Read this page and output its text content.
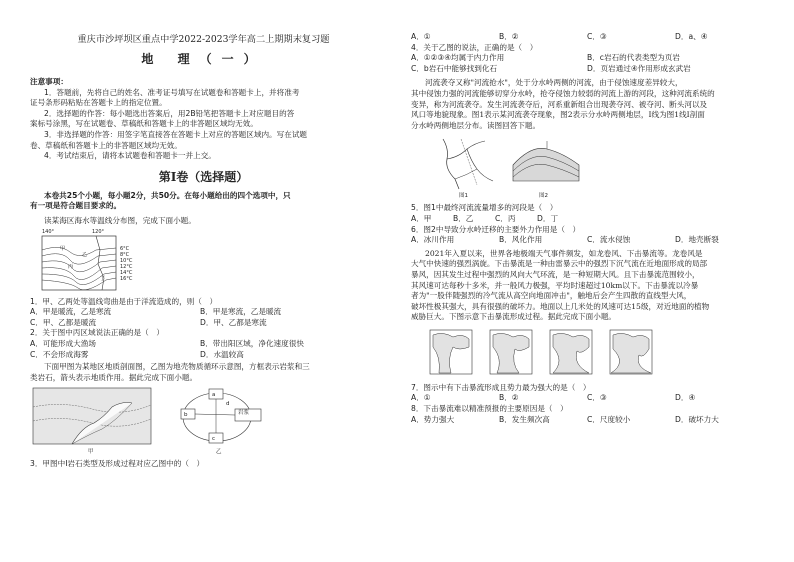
重庆市沙坪坝区重点中学2022-2023学年高二上期期末复习题

地 理（一）

注意事项：

1．答题前，先将自己的姓名、准考证号填写在试题卷和答题卡上，并将准考

证号条形码粘贴在答题卡上的指定位置。

2．选择题的作答：每小题选出答案后，用2B铅笔把答题卡上对应题目的答

案标号涂黑，写在试题卷、草稿纸和答题卡上的非答题区域均无效。

3．非选择题的作答：用签字笔直接答在答题卡上对应的答题区域内。写在试题

卷、草稿纸和答题卡上的非答题区域均无效。

4．考试结束后，请将本试题卷和答题卡一并上交。

第Ⅰ卷（选择题）

本卷共25个小题，每小题2分，共50分。在每小题给出的四个选项中，只

有一项是符合题目要求的。

读某海区海水等温线分布图，完成下面小题。

140°	120°
6°C
8°C
10°C
12°C
14°C
16°C
甲
乙
丙
丁

1．甲、乙两处等温线弯曲是由于洋流造成的，则（　）

A．甲是暖流，乙是寒流	B．甲是寒流，乙是暖流
C．甲、乙都是暖流	D．甲、乙都是寒流

2．关于图中丙区域说法正确的是（　）

A．可能形成大渔场	B．带出阳区域，净化速度很快
C．不会形成海雾	D．水温较高

下面甲图为某地区地质剖面图，乙图为地壳物质循环示意图，方框表示岩浆和三

类岩石，箭头表示地质作用。据此完成下面小题。

岩浆
a
b
c
d
甲	乙

3．甲图中Ⅰ岩石类型及形成过程对应乙图中的（　）

A．①	B．②	C．③	D．a、④

4．关于乙图的说法，正确的是（　）

A．①②③④均属于内力作用	B．c岩石的代表类型为页岩
C．b岩石中能够找到化石	D．页岩通过④作用形成玄武岩

河流袭夺又称"河流抢水"，处于分水岭两侧的河流，由于侵蚀速度差异较大，

其中侵蚀力强的河流能够切穿分水岭，抢夺侵蚀力较弱的河流上游的河段，这种河流系统的

变异，称为河流袭夺。发生河流袭夺后，河系重新组合出现袭夺河、被夺河、断头河以及

风口等地貌现象。图1表示某河流袭夺现象，图2表示分水岭两侧地层，Ⅰ线为图1线Ⅰ剖面

分水岭两侧地层分布。读图回答下题。

图1	图2

5．图1中最终河流流量增多的河段是（　）

A．甲	B．乙	C．丙	D．丁

6．图2中导致分水岭迁移的主要外力作用是（　）

A．冰川作用	B．风化作用	C．流水侵蚀	D．地壳断裂

2021年入夏以来，世界各地极端天气事件频发，如龙卷风、下击暴流等。龙卷风是

大气中快速的强烈涡旋。下击暴流是一种由雷暴云中的强烈下沉气流在近地面形成的局部

暴风，因其发生过程中强烈的风向大气环流，是一种短期大风。且下击暴流范围较小，

其风速可达每秒十多米，并一般风力极强，平均时速超过10km以下。下击暴流以冷暴

者为"一股伴随强烈的冷气流从高空向地面冲击"，触地后会产生四散的直线型大风，

破坏性极其强大，具有很强的破坏力。地面以上几米处的风速可达15级，对近地面的植物

威胁巨大。下图示意下击暴流形成过程。据此完成下面小题。

7．图示中有下击暴流形成且势力最为强大的是（　）

A．①	B．②	C．③	D．④

8．下击暴流难以精准预报的主要原因是（　）

A．势力强大	B．发生频次高	C．尺度较小	D．破坏力大
